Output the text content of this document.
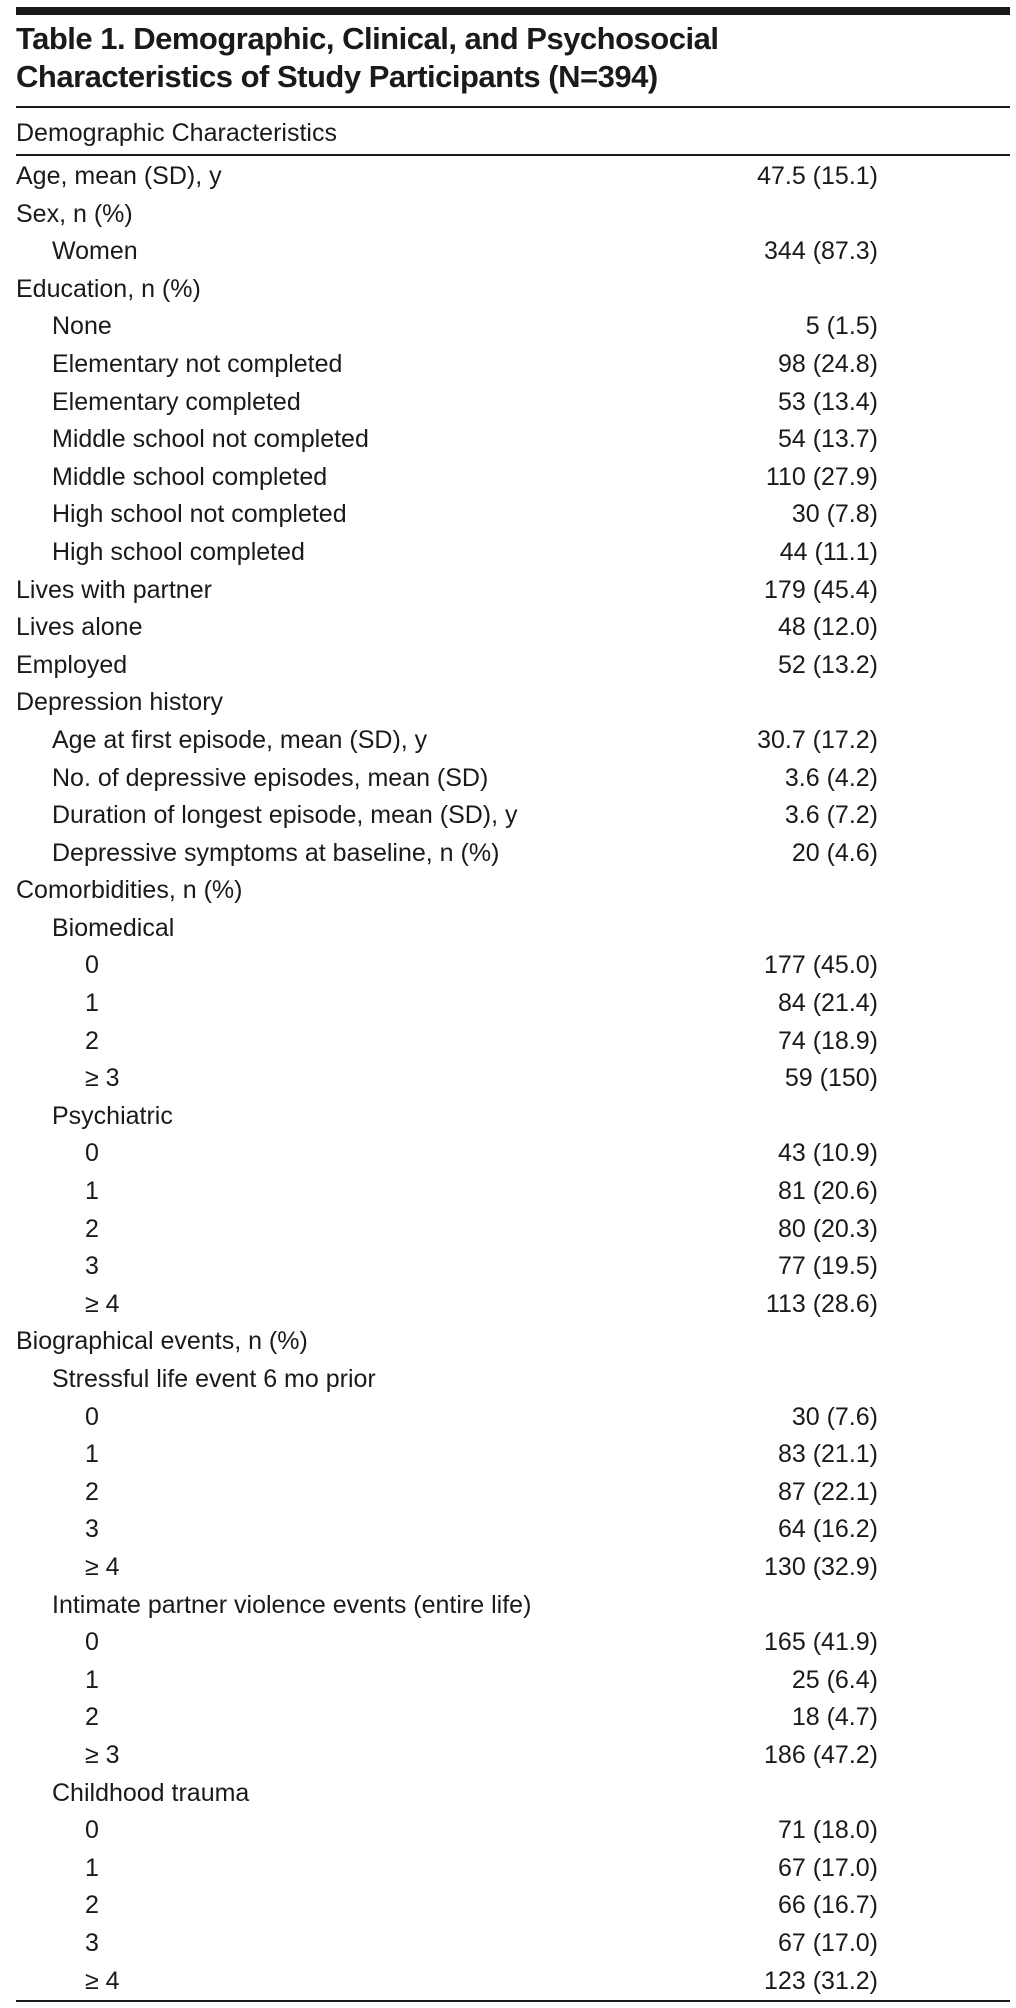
Table 1. Demographic, Clinical, and Psychosocial
Characteristics of Study Participants (N=394)
Demographic Characteristics
Age, mean (SD), y	47.5 (15.1)
Sex, n (%)
Women	344 (87.3)
Education, n (%)
None	5 (1.5)
Elementary not completed	98 (24.8)
Elementary completed	53 (13.4)
Middle school not completed	54 (13.7)
Middle school completed	110 (27.9)
High school not completed	30 (7.8)
High school completed	44 (11.1)
Lives with partner	179 (45.4)
Lives alone	48 (12.0)
Employed	52 (13.2)
Depression history
Age at first episode, mean (SD), y	30.7 (17.2)
No. of depressive episodes, mean (SD)	3.6 (4.2)
Duration of longest episode, mean (SD), y	3.6 (7.2)
Depressive symptoms at baseline, n (%)	20 (4.6)
Comorbidities, n (%)
Biomedical
0	177 (45.0)
1	84 (21.4)
2	74 (18.9)
≥ 3	59 (150)
Psychiatric
0	43 (10.9)
1	81 (20.6)
2	80 (20.3)
3	77 (19.5)
≥ 4	113 (28.6)
Biographical events, n (%)
Stressful life event 6 mo prior
0	30 (7.6)
1	83 (21.1)
2	87 (22.1)
3	64 (16.2)
≥ 4	130 (32.9)
Intimate partner violence events (entire life)
0	165 (41.9)
1	25 (6.4)
2	18 (4.7)
≥ 3	186 (47.2)
Childhood trauma
0	71 (18.0)
1	67 (17.0)
2	66 (16.7)
3	67 (17.0)
≥ 4	123 (31.2)
